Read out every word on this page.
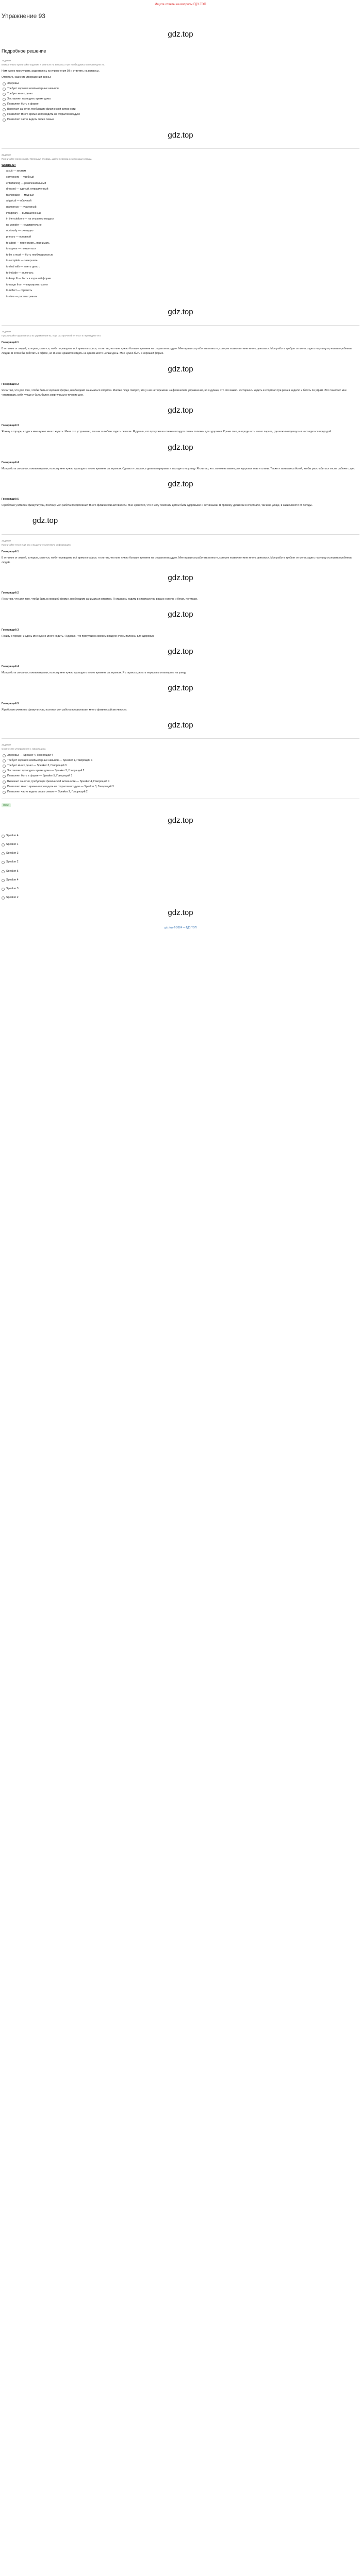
Ищите ответы на вопросы ГДЗ.ТОП
Упражнение 93
gdz.top
Подробное решение
Задание
Внимательно прочитайте задание и ответьте на вопросы. При необходимости переведите их.

Нам нужно прослушать аудиозапись из упражнения 93 и ответить на вопросы.

Отметьте, какие из утверждений верны:

Здоровье
Требует хороших компьютерных навыков
Требует много денег
Заставляет проводить время дома
Позволяет быть в форме
Включает занятия, требующие физической активности
Позволяет много времени проводить на открытом воздухе
Позволяет часто видеть своих семью
gdz.top
Задание
Прочитайте список слов. Используя словарь, дайте перевод незнакомым словам.
WORDLIST
a suit — костюм
convenient — удобный
entertaining — развлекательный
dressed — одетый, отправленный
fashionable — модный
a typical — обычный
glamorous — гламурный
imaginary — вымышленный
in the outdoors — на открытом воздухе
no wonder — неудивительно
obviously — очевидно
primary — основной
to adopt — перенимать, принимать
to appear — появляться
to be a must — быть необходимостью
to complete — завершать
to deal with — иметь дело с
to include — включать
to keep fit — быть в хорошей форме
to range from — варьироваться от
to reflect — отражать
to view — рассматривать
gdz.top
Задание
Прослушайте аудиозапись из упражнения 93, ещё раз прочитайте текст и переведите его.
Говорящий 1

В отличие от людей, которые, кажется, любят проводить всё время в офисе, я считаю, что мне нужно больше времени на открытом воздухе. Мне нравится работать в месте, которое позволяет мне много двигаться. Моя работа требует от меня ходить на улицу и решать проблемы людей. Я хотел бы работать в офисе, но мне не нравится сидеть на одном месте целый день. Мне нужно быть в хорошей форме.

gdz.top
Говорящий 2

Я считаю, что для того, чтобы быть в хорошей форме, необходимо заниматься спортом. Многие люди говорят, что у них нет времени на физические упражнения, но я думаю, что это важно. Я стараюсь ходить в спортзал три раза в неделю и бегать по утрам. Это помогает мне чувствовать себя лучше и быть более энергичным в течение дня.

gdz.top
Говорящий 3

Я живу в городе, и здесь мне нужно много ходить. Меня это устраивает, так как я люблю ходить пешком. Я думаю, что прогулки на свежем воздухе очень полезны для здоровья. Кроме того, в городе есть много парков, где можно отдохнуть и насладиться природой.

gdz.top
Говорящий 4

Моя работа связана с компьютерами, поэтому мне нужно проводить много времени за экраном. Однако я стараюсь делать перерывы и выходить на улицу. Я считаю, что это очень важно для здоровья глаз и спины. Также я занимаюсь йогой, чтобы расслабиться после рабочего дня.

gdz.top
Говорящий 5

Я работаю учителем физкультуры, поэтому моя работа предполагает много физической активности. Мне нравится, что я могу помогать детям быть здоровыми и активными. Я провожу уроки как в спортзале, так и на улице, в зависимости от погоды.

gdz.top
Задание
Прочитайте текст ещё раз и выделите ключевую информацию.
Говорящий 1

В отличие от людей, которые, кажется, любят проводить всё время в офисе, я считаю, что мне нужно больше времени на открытом воздухе. Мне нравится работать в месте, которое позволяет мне много двигаться. Моя работа требует от меня ходить на улицу и решать проблемы людей.

gdz.top
Говорящий 2

Я считаю, что для того, чтобы быть в хорошей форме, необходимо заниматься спортом. Я стараюсь ходить в спортзал три раза в неделю и бегать по утрам.

gdz.top
Говорящий 3

Я живу в городе, и здесь мне нужно много ходить. Я думаю, что прогулки на свежем воздухе очень полезны для здоровья.

gdz.top
Говорящий 4

Моя работа связана с компьютерами, поэтому мне нужно проводить много времени за экраном. Я стараюсь делать перерывы и выходить на улицу.

gdz.top
Говорящий 5

Я работаю учителем физкультуры, поэтому моя работа предполагает много физической активности.

gdz.top
Задание
Соотнесите утверждения с говорящими.
Здоровье — Speaker 4, Говорящий 4
Требует хороших компьютерных навыков — Speaker 1, Говорящий 1
Требует много денег — Speaker 3, Говорящий 3
Заставляет проводить время дома — Speaker 2, Говорящий 2
Позволяет быть в форме — Speaker 5, Говорящий 5
Включает занятия, требующие физической активности — Speaker 4, Говорящий 4
Позволяет много времени проводить на открытом воздухе — Speaker 3, Говорящий 3
Позволяет часто видеть своих семью — Speaker 2, Говорящий 2
Ответ
gdz.top
Speaker 4
Speaker 1
Speaker 3
Speaker 2
Speaker 5
Speaker 4
Speaker 3
Speaker 2
gdz.top
gdz.top © 2024 — ГДЗ.ТОП
